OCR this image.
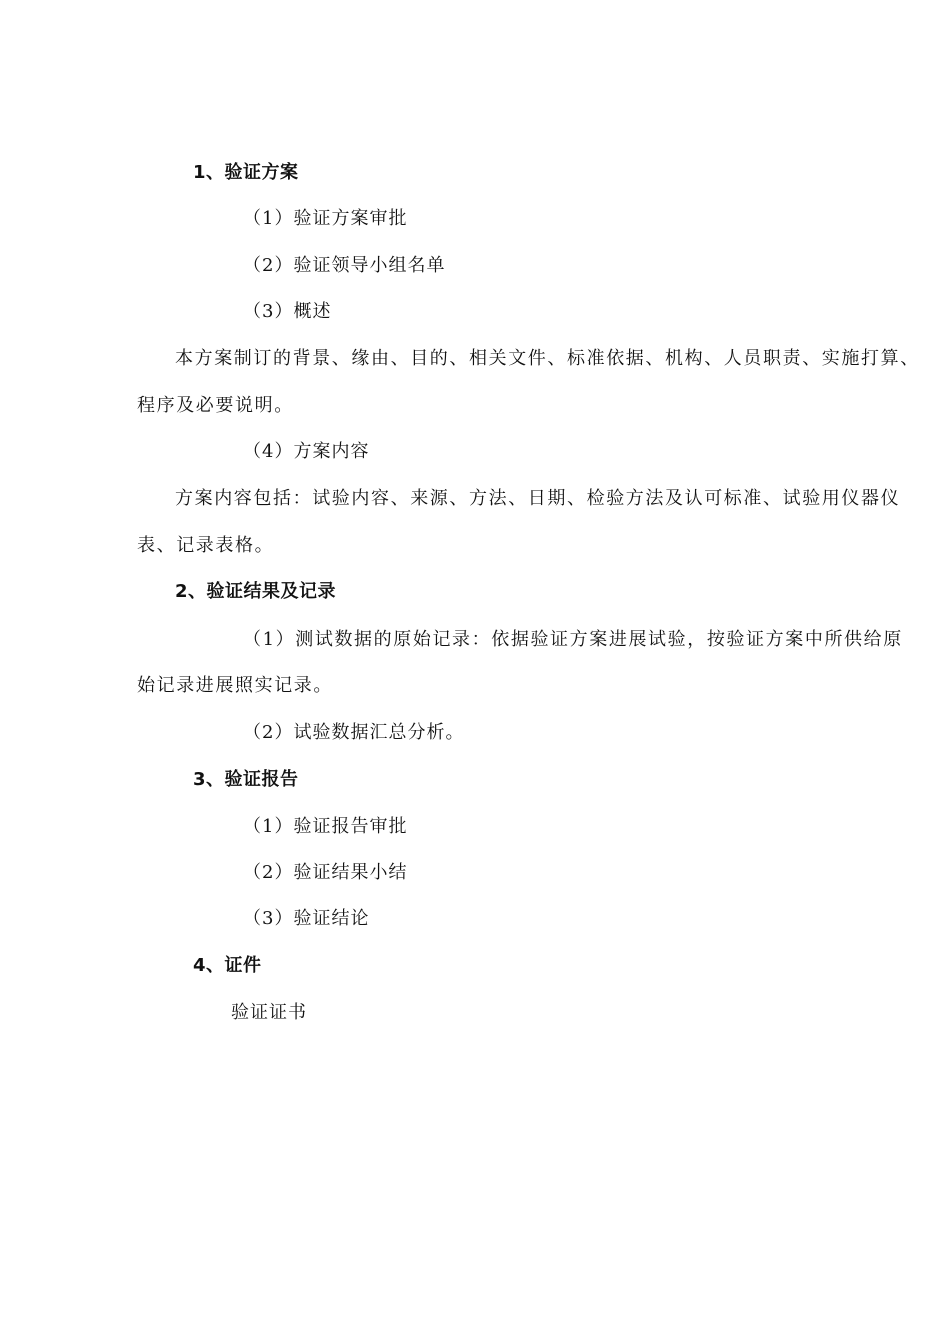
1、验证方案
（1）验证方案审批
（2）验证领导小组名单
（3）概述
本方案制订的背景、缘由、目的、相关文件、标准依据、机构、人员职责、实施打算、
程序及必要说明。
（4）方案内容
方案内容包括：试验内容、来源、方法、日期、检验方法及认可标准、试验用仪器仪
表、记录表格。
2、验证结果及记录
（1）测试数据的原始记录：依据验证方案进展试验，按验证方案中所供给原
始记录进展照实记录。
（2）试验数据汇总分析。
3、验证报告
（1）验证报告审批
（2）验证结果小结
（3）验证结论
4、证件
验证证书
